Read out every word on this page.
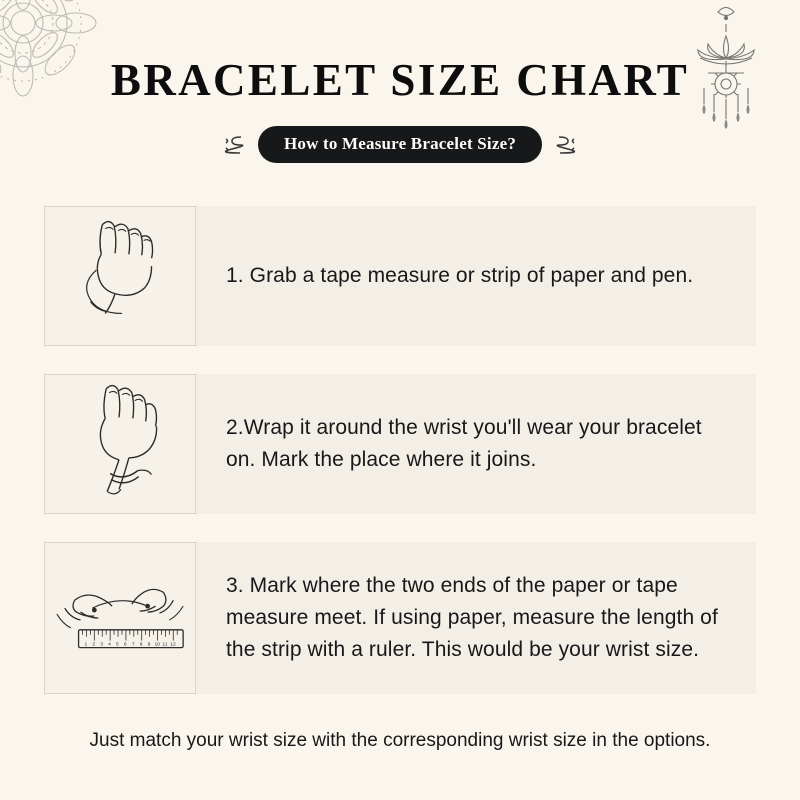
BRACELET SIZE CHART
How to Measure Bracelet Size?

1. Grab a tape measure or strip of paper and pen.

2.Wrap it around the wrist you'll wear your bracelet on. Mark the place where it joins.

1 2 3 4 5 6 7 8 9 10 11 12

3. Mark where the two ends of the paper or tape measure meet. If using paper, measure the length of the strip with a ruler. This would be your wrist size.

Just match your wrist size with the corresponding wrist size in the options.
